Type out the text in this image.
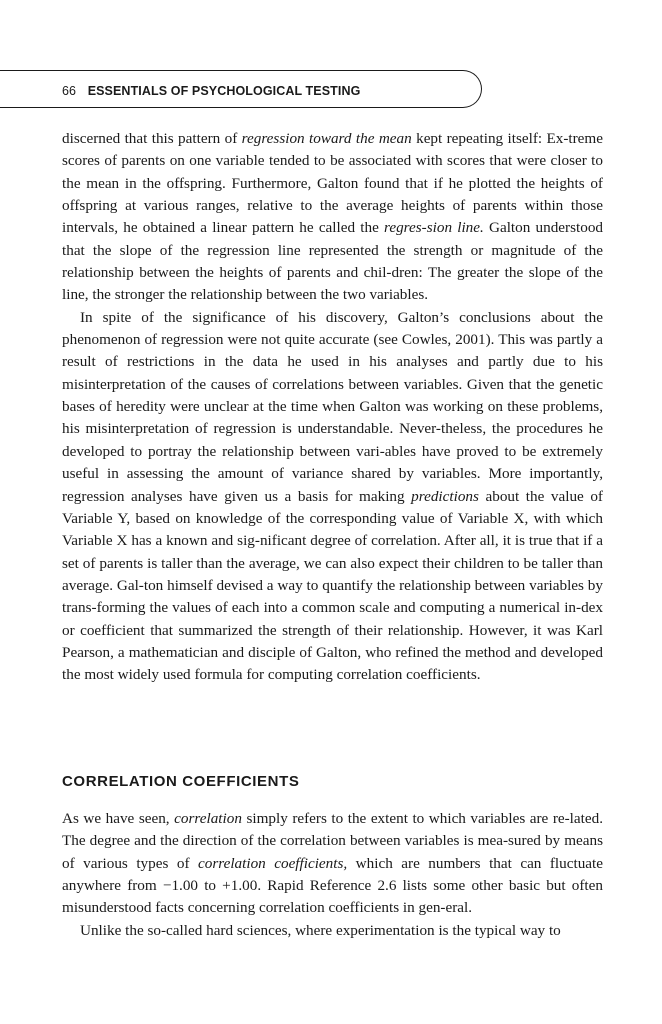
66 ESSENTIALS OF PSYCHOLOGICAL TESTING

discerned that this pattern of regression toward the mean kept repeating itself: Ex-treme scores of parents on one variable tended to be associated with scores that were closer to the mean in the offspring. Furthermore, Galton found that if he plotted the heights of offspring at various ranges, relative to the average heights of parents within those intervals, he obtained a linear pattern he called the regres-sion line. Galton understood that the slope of the regression line represented the strength or magnitude of the relationship between the heights of parents and chil-dren: The greater the slope of the line, the stronger the relationship between the two variables.

In spite of the significance of his discovery, Galton’s conclusions about the phenomenon of regression were not quite accurate (see Cowles, 2001). This was partly a result of restrictions in the data he used in his analyses and partly due to his misinterpretation of the causes of correlations between variables. Given that the genetic bases of heredity were unclear at the time when Galton was working on these problems, his misinterpretation of regression is understandable. Never-theless, the procedures he developed to portray the relationship between vari-ables have proved to be extremely useful in assessing the amount of variance shared by variables. More importantly, regression analyses have given us a basis for making predictions about the value of Variable Y, based on knowledge of the corresponding value of Variable X, with which Variable X has a known and sig-nificant degree of correlation. After all, it is true that if a set of parents is taller than the average, we can also expect their children to be taller than average. Gal-ton himself devised a way to quantify the relationship between variables by trans-forming the values of each into a common scale and computing a numerical in-dex or coefficient that summarized the strength of their relationship. However, it was Karl Pearson, a mathematician and disciple of Galton, who refined the method and developed the most widely used formula for computing correlation coefficients.

CORRELATION COEFFICIENTS

As we have seen, correlation simply refers to the extent to which variables are re-lated. The degree and the direction of the correlation between variables is mea-sured by means of various types of correlation coefficients, which are numbers that can fluctuate anywhere from −1.00 to +1.00. Rapid Reference 2.6 lists some other basic but often misunderstood facts concerning correlation coefficients in gen-eral.

Unlike the so-called hard sciences, where experimentation is the typical way to
